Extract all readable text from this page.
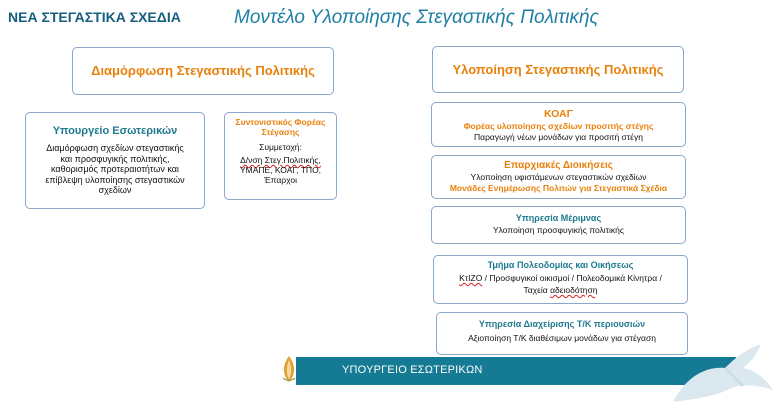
ΝΕΑ ΣΤΕΓΑΣΤΙΚΑ ΣΧΕΔΙΑ	Μοντέλο Υλοποίησης Στεγαστικής Πολιτικής
Διαμόρφωση Στεγαστικής Πολιτικής
Υπουργείο Εσωτερικών
Διαμόρφωση σχεδίων στεγαστικής
και προσφυγικής πολιτικής,
καθορισμός προτεραιοτήτων και
επίβλεψη υλοποίησης στεγαστικών
σχεδίων
Συντονιστικός Φορέας
Στέγασης
Συμμετοχή:
Δ/νση Στεγ.Πολιτικής,
ΥΜΑΠΕ, ΚΟΑΓ, ΤΠΟ,
Έπαρχοι
Υλοποίηση Στεγαστικής Πολιτικής
ΚΟΑΓ
Φορέας υλοποίησης σχεδίων προσιτής στέγης
Παραγωγή νέων μονάδων για προσιτή στέγη
Επαρχιακές Διοικήσεις
Υλοποίηση υφιστάμενων στεγαστικών σχεδίων
Μονάδες Ενημέρωσης Πολιτών για Στεγαστικά Σχέδια
Υπηρεσία Μέριμνας
Υλοποίηση προσφυγικής πολιτικής
Τμήμα Πολεοδομίας και Οικήσεως
ΚτΙΖΟ / Προσφυγικοί οικισμοί / Πολεοδομικά Κίνητρα /
Ταχεία αδειοδότηση
Υπηρεσία Διαχείρισης Τ/Κ περιουσιών
Αξιοποίηση Τ/Κ διαθέσιμων μονάδων για στέγαση
ΥΠΟΥΡΓΕΙΟ ΕΣΩΤΕΡΙΚΩΝ
